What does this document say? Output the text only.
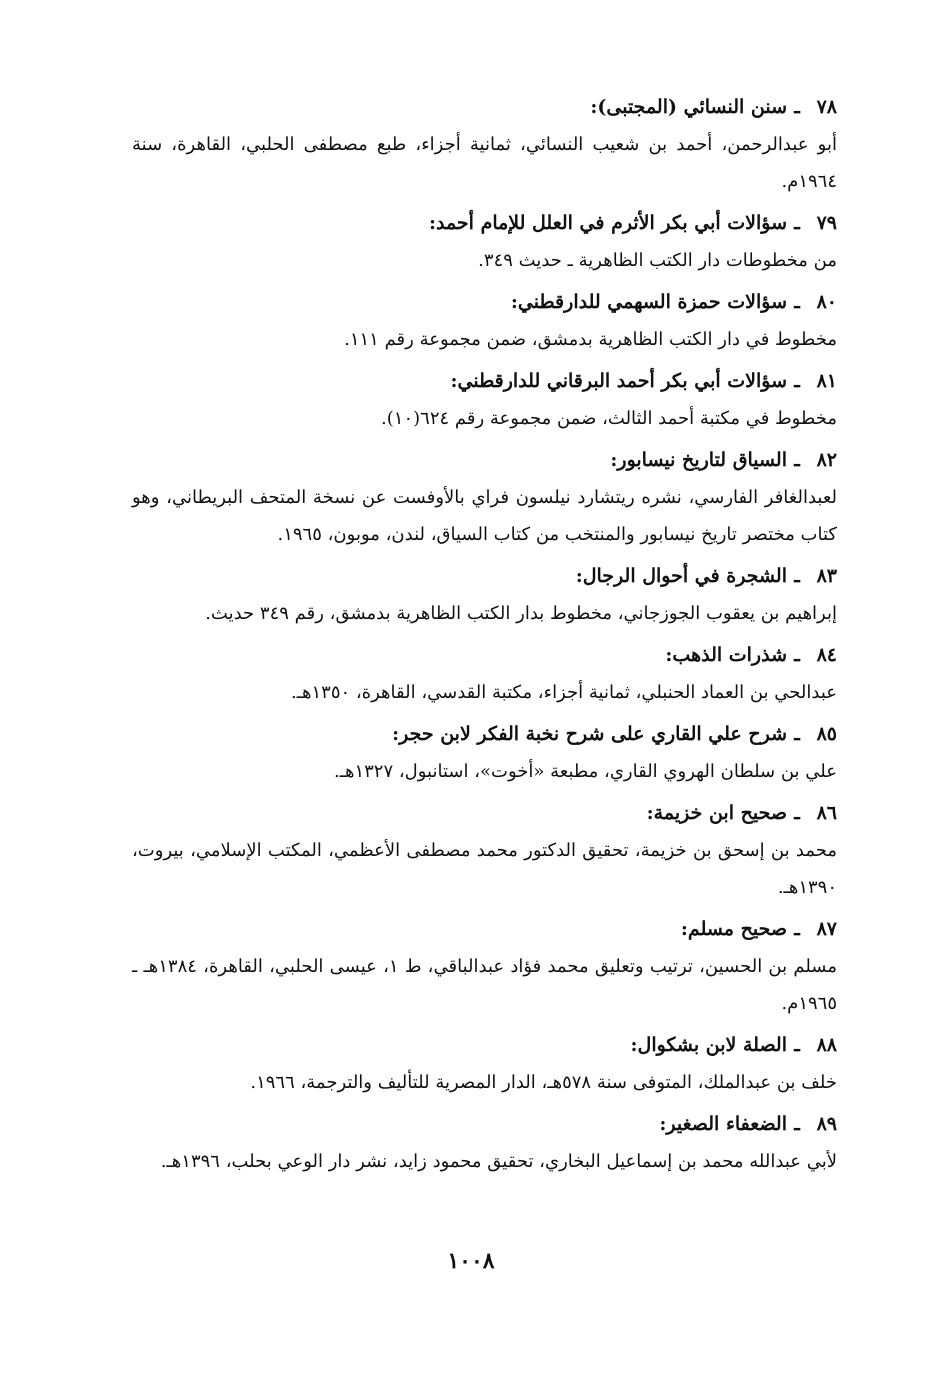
٧٨
ـ
سنن النسائي (المجتبى):
أبو عبدالرحمن، أحمد بن شعيب النسائي، ثمانية أجزاء، طبع مصطفى الحلبي، القاهرة، سنة ١٩٦٤م.
٧٩
ـ
سؤالات أبي بكر الأثرم في العلل للإمام أحمد:
من مخطوطات دار الكتب الظاهرية ـ حديث ٣٤٩.
٨٠
ـ
سؤالات حمزة السهمي للدارقطني:
مخطوط في دار الكتب الظاهرية بدمشق، ضمن مجموعة رقم ١١١.
٨١
ـ
سؤالات أبي بكر أحمد البرقاني للدارقطني:
مخطوط في مكتبة أحمد الثالث، ضمن مجموعة رقم ٦٢٤(١٠).
٨٢
ـ
السياق لتاريخ نيسابور:
لعبدالغافر الفارسي، نشره ريتشارد نيلسون فراي بالأوفست عن نسخة المتحف البريطاني، وهو كتاب مختصر تاريخ نيسابور والمنتخب من كتاب السياق، لندن، موبون، ١٩٦٥.
٨٣
ـ
الشجرة في أحوال الرجال:
إبراهيم بن يعقوب الجوزجاني، مخطوط بدار الكتب الظاهرية بدمشق، رقم ٣٤٩ حديث.
٨٤
ـ
شذرات الذهب:
عبدالحي بن العماد الحنبلي، ثمانية أجزاء، مكتبة القدسي، القاهرة، ١٣٥٠هـ.
٨٥
ـ
شرح علي القاري على شرح نخبة الفكر لابن حجر:
علي بن سلطان الهروي القاري، مطبعة «أخوت»، استانبول، ١٣٢٧هـ.
٨٦
ـ
صحيح ابن خزيمة:
محمد بن إسحق بن خزيمة، تحقيق الدكتور محمد مصطفى الأعظمي، المكتب الإسلامي، بيروت، ١٣٩٠هـ.
٨٧
ـ
صحيح مسلم:
مسلم بن الحسين، ترتيب وتعليق محمد فؤاد عبدالباقي، ط ١، عيسى الحلبي، القاهرة، ١٣٨٤هـ ـ ١٩٦٥م.
٨٨
ـ
الصلة لابن بشكوال:
خلف بن عبدالملك، المتوفى سنة ٥٧٨هـ، الدار المصرية للتأليف والترجمة، ١٩٦٦.
٨٩
ـ
الضعفاء الصغير:
لأبي عبدالله محمد بن إسماعيل البخاري، تحقيق محمود زايد، نشر دار الوعي بحلب، ١٣٩٦هـ.
١٠٠٨
